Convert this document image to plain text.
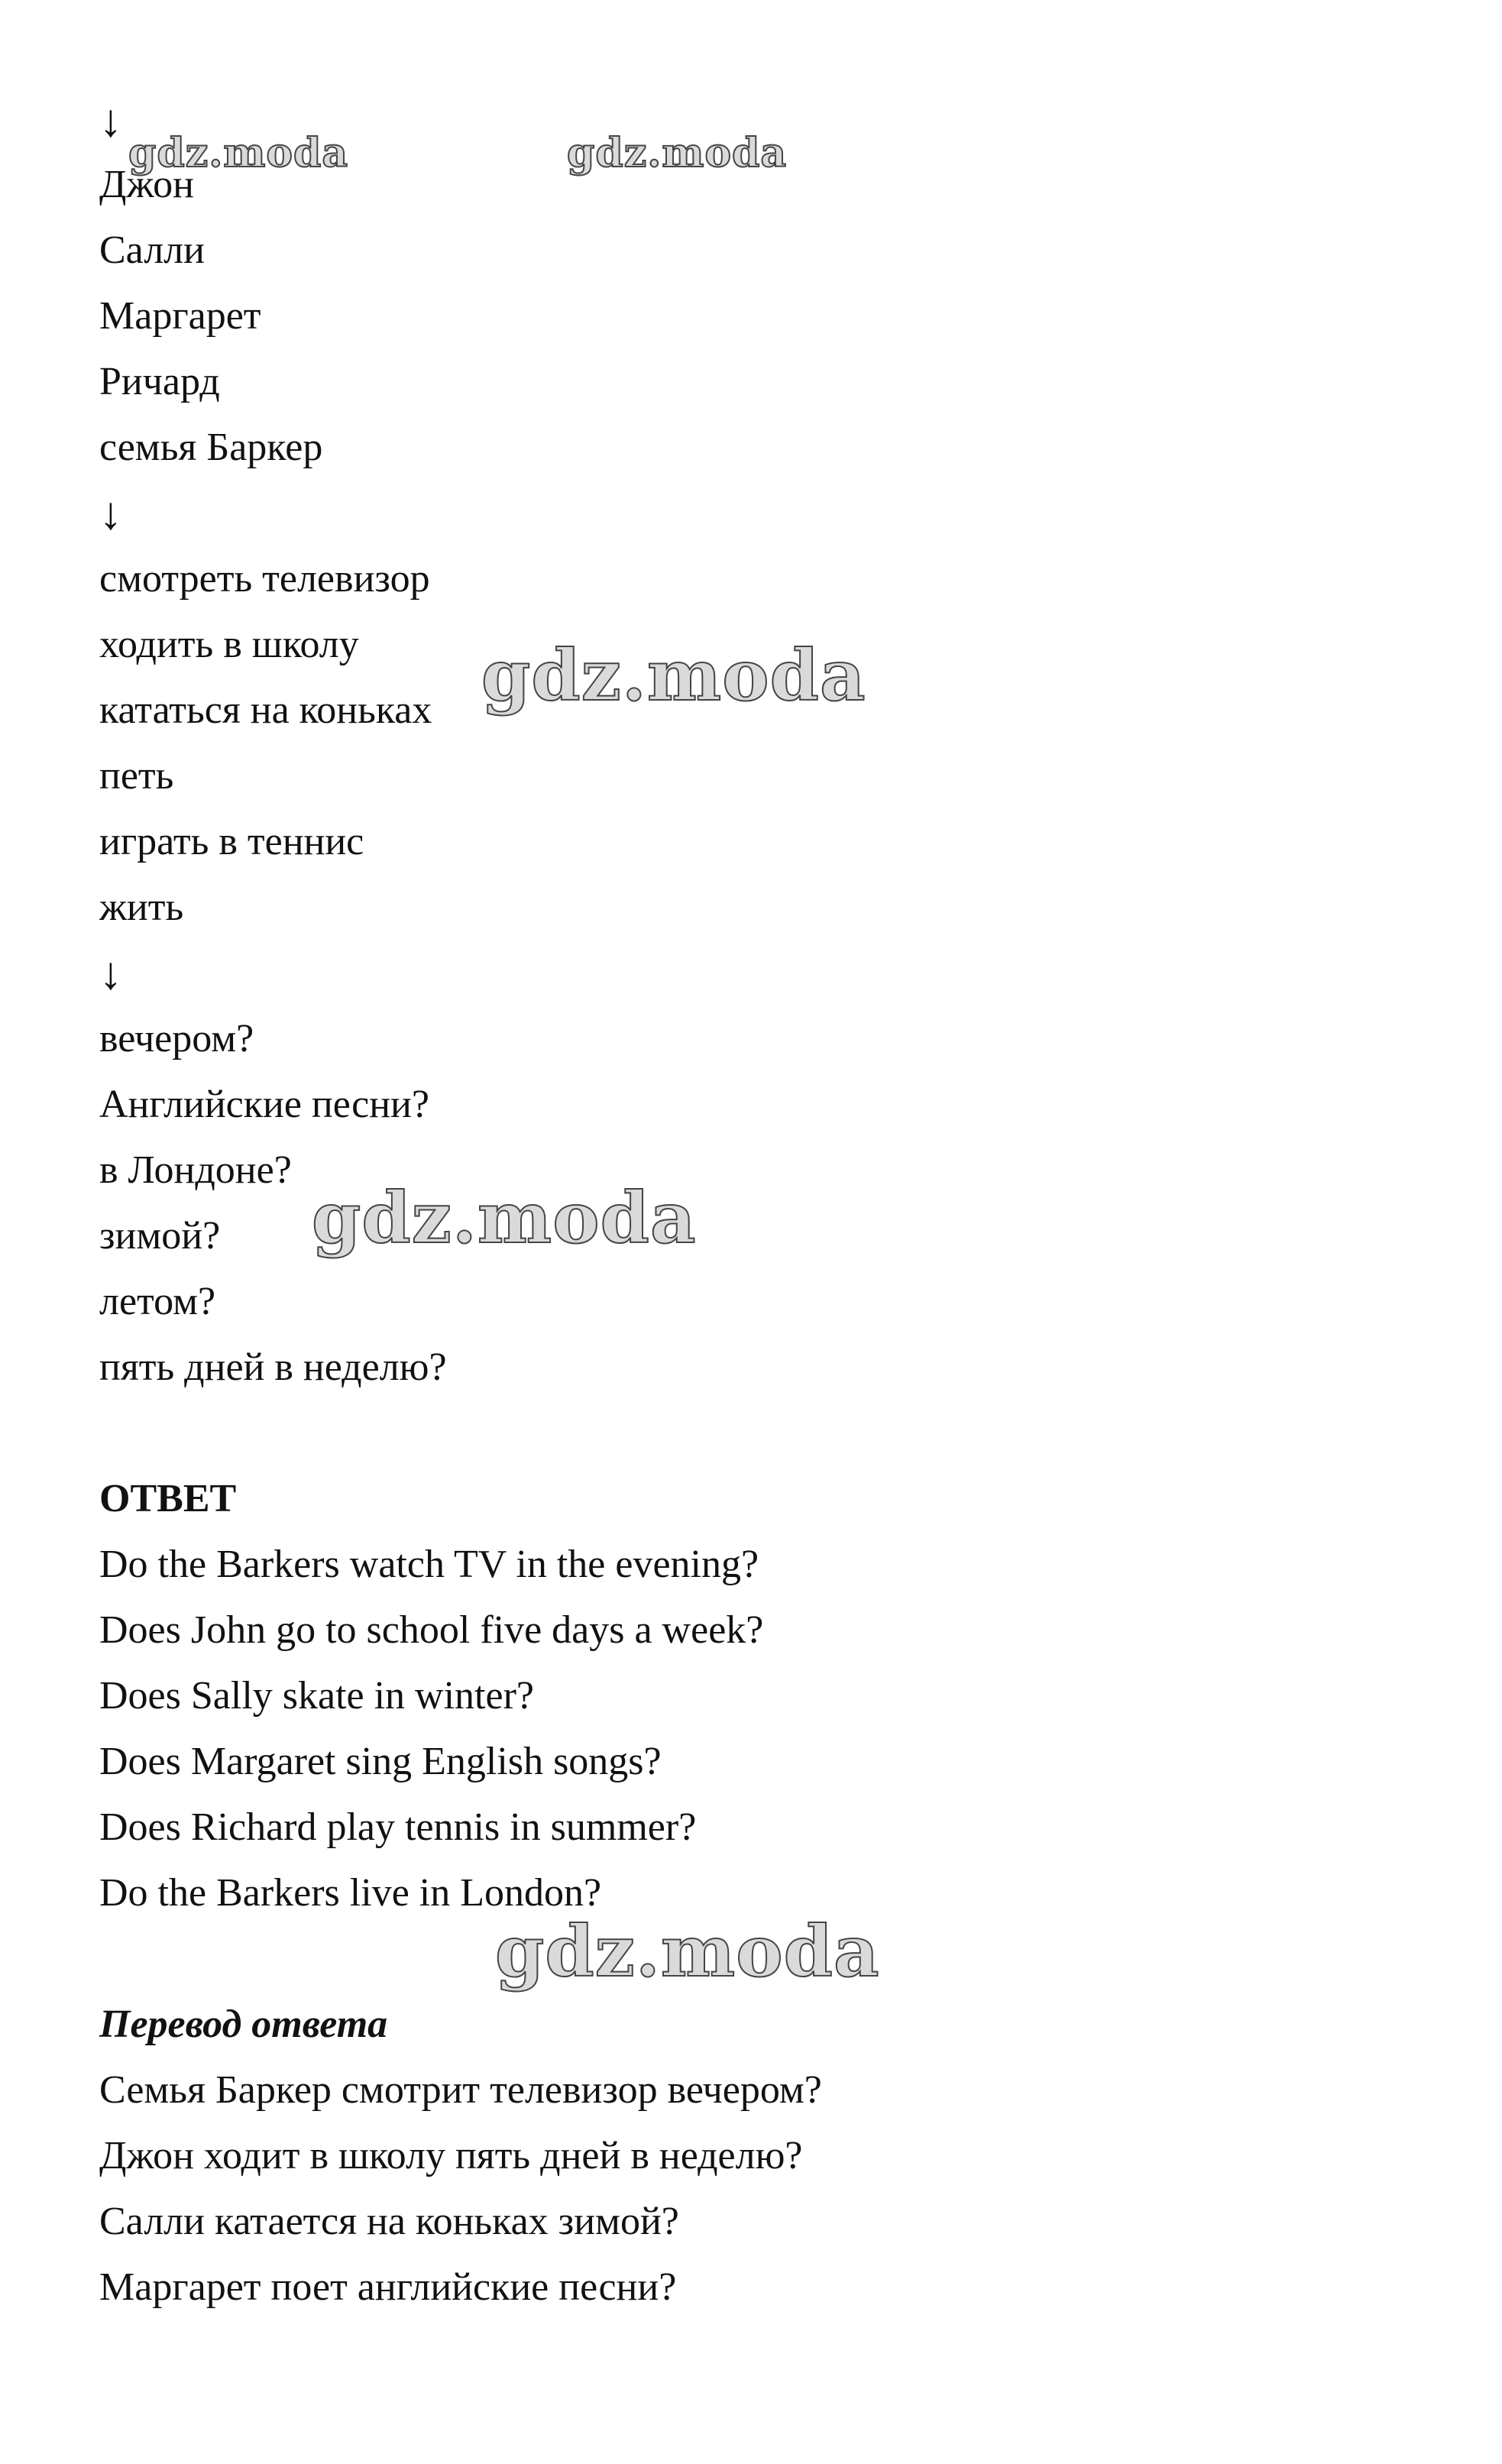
↓
Джон
Салли
Маргарет
Ричард
семья Баркер
↓
смотреть телевизор
ходить в школу
кататься на коньках
петь
играть в теннис
жить
↓
вечером?
Английские песни?
в Лондоне?
зимой?
летом?
пять дней в неделю?
ОТВЕТ
Do the Barkers watch TV in the evening?
Does John go to school five days a week?
Does Sally skate in winter?
Does Margaret sing English songs?
Does Richard play tennis in summer?
Do the Barkers live in London?
Перевод ответа
Семья Баркер смотрит телевизор вечером?
Джон ходит в школу пять дней в неделю?
Салли катается на коньках зимой?
Маргарет поет английские песни?
gdz.moda	gdz.moda
gdz.moda
gdz.moda
gdz.moda
